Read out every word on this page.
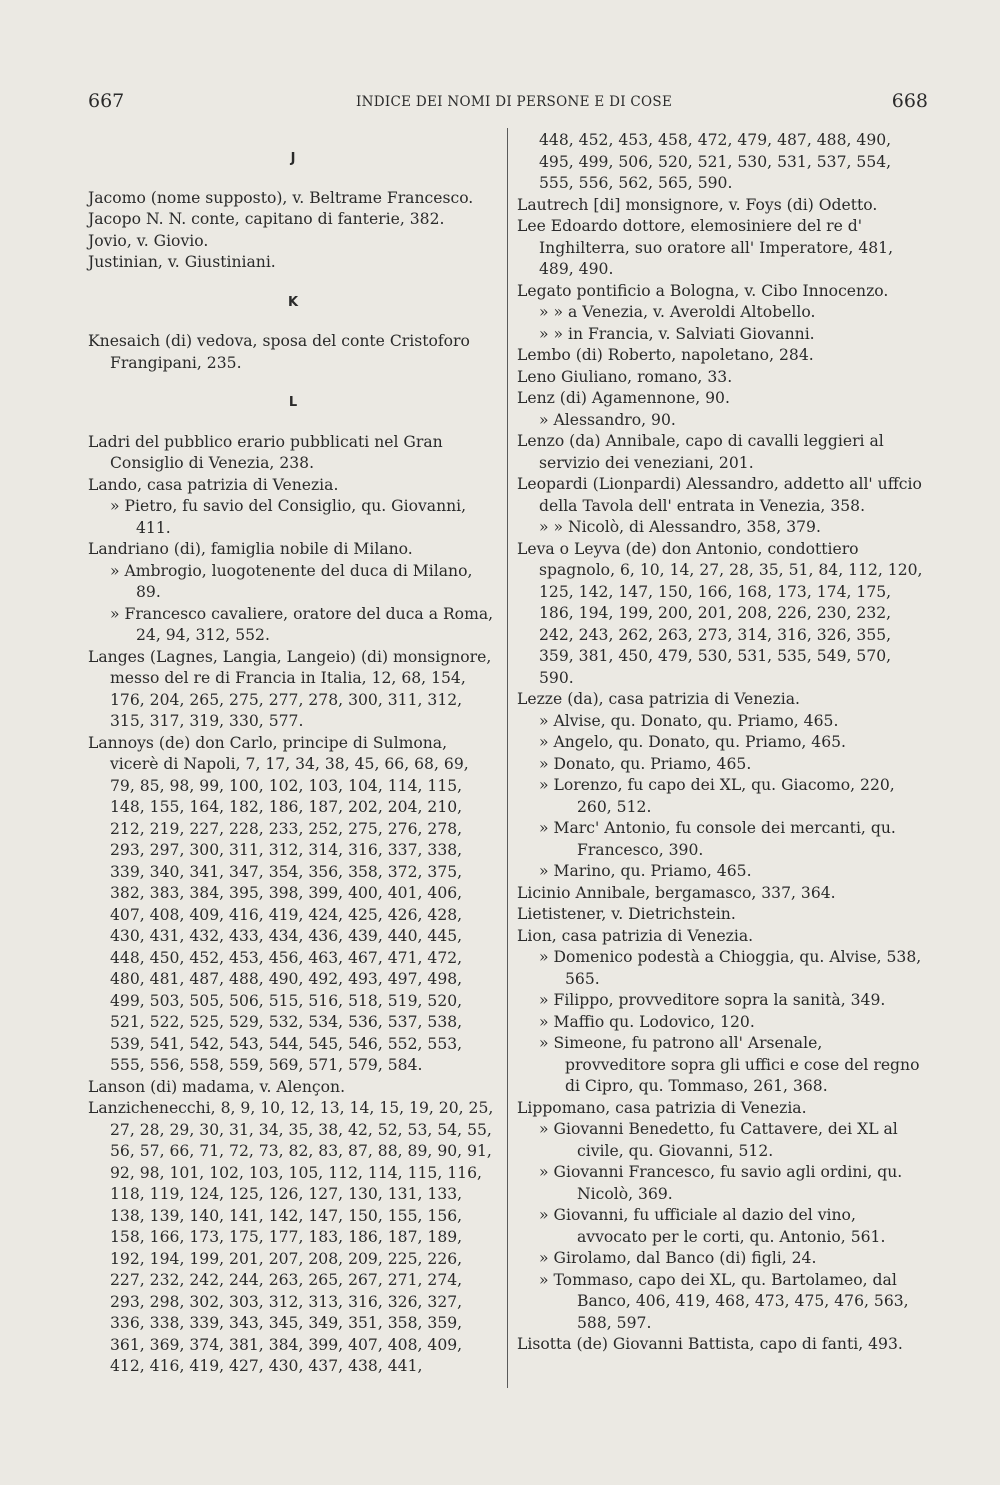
667	INDICE DEI NOMI DI PERSONE E DI COSE	668
J

Jacomo (nome supposto), v. Beltrame Francesco.

Jacopo N. N. conte, capitano di fanterie, 382.

Jovio, v. Giovio.

Justinian, v. Giustiniani.

K

Knesaich (di) vedova, sposa del conte Cristoforo Frangipani, 235.

L

Ladri del pubblico erario pubblicati nel Gran Consiglio di Venezia, 238.

Lando, casa patrizia di Venezia.

» Pietro, fu savio del Consiglio, qu. Giovanni, 411.

Landriano (di), famiglia nobile di Milano.

» Ambrogio, luogotenente del duca di Milano, 89.

» Francesco cavaliere, oratore del duca a Roma, 24, 94, 312, 552.

Langes (Lagnes, Langia, Langeio) (di) monsignore, messo del re di Francia in Italia, 12, 68, 154, 176, 204, 265, 275, 277, 278, 300, 311, 312, 315, 317, 319, 330, 577.

Lannoys (de) don Carlo, principe di Sulmona, vicerè di Napoli, 7, 17, 34, 38, 45, 66, 68, 69, 79, 85, 98, 99, 100, 102, 103, 104, 114, 115, 148, 155, 164, 182, 186, 187, 202, 204, 210, 212, 219, 227, 228, 233, 252, 275, 276, 278, 293, 297, 300, 311, 312, 314, 316, 337, 338, 339, 340, 341, 347, 354, 356, 358, 372, 375, 382, 383, 384, 395, 398, 399, 400, 401, 406, 407, 408, 409, 416, 419, 424, 425, 426, 428, 430, 431, 432, 433, 434, 436, 439, 440, 445, 448, 450, 452, 453, 456, 463, 467, 471, 472, 480, 481, 487, 488, 490, 492, 493, 497, 498, 499, 503, 505, 506, 515, 516, 518, 519, 520, 521, 522, 525, 529, 532, 534, 536, 537, 538, 539, 541, 542, 543, 544, 545, 546, 552, 553, 555, 556, 558, 559, 569, 571, 579, 584.

Lanson (di) madama, v. Alençon.

Lanzichenecchi, 8, 9, 10, 12, 13, 14, 15, 19, 20, 25, 27, 28, 29, 30, 31, 34, 35, 38, 42, 52, 53, 54, 55, 56, 57, 66, 71, 72, 73, 82, 83, 87, 88, 89, 90, 91, 92, 98, 101, 102, 103, 105, 112, 114, 115, 116, 118, 119, 124, 125, 126, 127, 130, 131, 133, 138, 139, 140, 141, 142, 147, 150, 155, 156, 158, 166, 173, 175, 177, 183, 186, 187, 189, 192, 194, 199, 201, 207, 208, 209, 225, 226, 227, 232, 242, 244, 263, 265, 267, 271, 274, 293, 298, 302, 303, 312, 313, 316, 326, 327, 336, 338, 339, 343, 345, 349, 351, 358, 359, 361, 369, 374, 381, 384, 399, 407, 408, 409, 412, 416, 419, 427, 430, 437, 438, 441,

448, 452, 453, 458, 472, 479, 487, 488, 490, 495, 499, 506, 520, 521, 530, 531, 537, 554, 555, 556, 562, 565, 590.

Lautrech [di] monsignore, v. Foys (di) Odetto.

Lee Edoardo dottore, elemosiniere del re d' Inghilterra, suo oratore all' Imperatore, 481, 489, 490.

Legato pontificio a Bologna, v. Cibo Innocenzo.

» » a Venezia, v. Averoldi Altobello.

» » in Francia, v. Salviati Giovanni.

Lembo (di) Roberto, napoletano, 284.

Leno Giuliano, romano, 33.

Lenz (di) Agamennone, 90.

» Alessandro, 90.

Lenzo (da) Annibale, capo di cavalli leggieri al servizio dei veneziani, 201.

Leopardi (Lionpardi) Alessandro, addetto all' uffcio della Tavola dell' entrata in Venezia, 358.

» » Nicolò, di Alessandro, 358, 379.

Leva o Leyva (de) don Antonio, condottiero spagnolo, 6, 10, 14, 27, 28, 35, 51, 84, 112, 120, 125, 142, 147, 150, 166, 168, 173, 174, 175, 186, 194, 199, 200, 201, 208, 226, 230, 232, 242, 243, 262, 263, 273, 314, 316, 326, 355, 359, 381, 450, 479, 530, 531, 535, 549, 570, 590.

Lezze (da), casa patrizia di Venezia.

» Alvise, qu. Donato, qu. Priamo, 465.

» Angelo, qu. Donato, qu. Priamo, 465.

» Donato, qu. Priamo, 465.

» Lorenzo, fu capo dei XL, qu. Giacomo, 220, 260, 512.

» Marc' Antonio, fu console dei mercanti, qu. Francesco, 390.

» Marino, qu. Priamo, 465.

Licinio Annibale, bergamasco, 337, 364.

Lietistener, v. Dietrichstein.

Lion, casa patrizia di Venezia.

» Domenico podestà a Chioggia, qu. Alvise, 538, 565.

» Filippo, provveditore sopra la sanità, 349.

» Maffio qu. Lodovico, 120.

» Simeone, fu patrono all' Arsenale, provveditore sopra gli uffici e cose del regno di Cipro, qu. Tommaso, 261, 368.

Lippomano, casa patrizia di Venezia.

» Giovanni Benedetto, fu Cattavere, dei XL al civile, qu. Giovanni, 512.

» Giovanni Francesco, fu savio agli ordini, qu. Nicolò, 369.

» Giovanni, fu ufficiale al dazio del vino, avvocato per le corti, qu. Antonio, 561.

» Girolamo, dal Banco (di) figli, 24.

» Tommaso, capo dei XL, qu. Bartolameo, dal Banco, 406, 419, 468, 473, 475, 476, 563, 588, 597.

Lisotta (de) Giovanni Battista, capo di fanti, 493.
